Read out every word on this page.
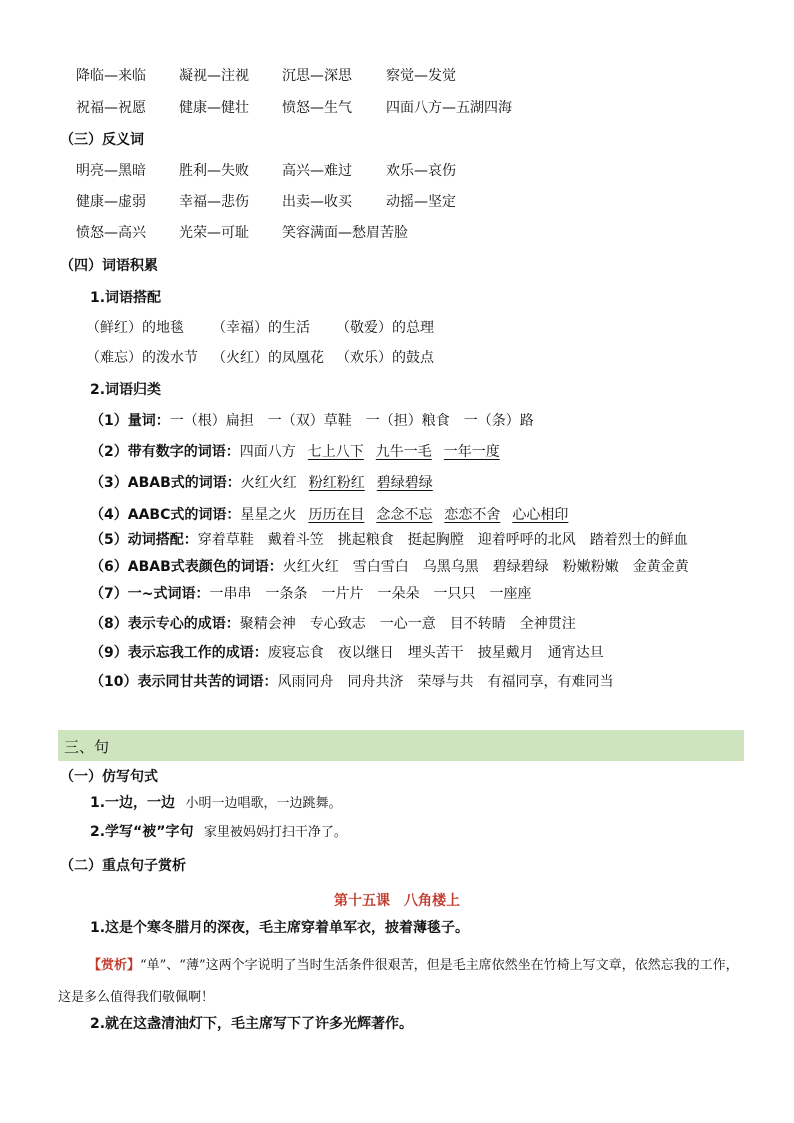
降临—来临 凝视—注视 沉思—深思 察觉—发觉
祝福—祝愿 健康—健壮 愤怒—生气 四面八方—五湖四海
（三）反义词
明亮—黑暗 胜利—失败 高兴—难过 欢乐—哀伤
健康—虚弱 幸福—悲伤 出卖—收买 动摇—坚定
愤怒—高兴 光荣—可耻 笑容满面—愁眉苦脸
（四）词语积累
1.词语搭配
（鲜红）的地毯 （幸福）的生活 （敬爱）的总理
（难忘）的泼水节 （火红）的凤凰花 （欢乐）的鼓点
2.词语归类
（1）量词：一（根）扁担　一（双）草鞋　一（担）粮食　一（条）路
（2）带有数字的词语：四面八方 七上八下 九牛一毛 一年一度
（3）ABAB式的词语：火红火红 粉红粉红 碧绿碧绿
（4）AABC式的词语：星星之火 历历在目 念念不忘 恋恋不舍 心心相印
（5）动词搭配：穿着草鞋　戴着斗笠　挑起粮食　挺起胸膛　迎着呼呼的北风　踏着烈士的鲜血
（6）ABAB式表颜色的词语：火红火红　雪白雪白　乌黑乌黑　碧绿碧绿　粉嫩粉嫩　金黄金黄
（7）一~式词语：一串串　一条条　一片片　一朵朵　一只只　一座座
（8）表示专心的成语：聚精会神　专心致志　一心一意　目不转睛　全神贯注
（9）表示忘我工作的成语：废寝忘食　夜以继日　埋头苦干　披星戴月　通宵达旦
（10）表示同甘共苦的词语：风雨同舟　同舟共济　荣辱与共　有福同享，有难同当
三、句
（一）仿写句式
1.一边，一边 小明一边唱歌，一边跳舞。
2.学写“被”字句 家里被妈妈打扫干净了。
（二）重点句子赏析
第十五课　 八角楼上
1.这是个寒冬腊月的深夜，毛主席穿着单军衣，披着薄毯子。
【赏析】“单”、“薄”这两个字说明了当时生活条件很艰苦，但是毛主席依然坐在竹椅上写文章，依然忘我的工作，这是多么值得我们敬佩啊！
2.就在这盏清油灯下，毛主席写下了许多光辉著作。
